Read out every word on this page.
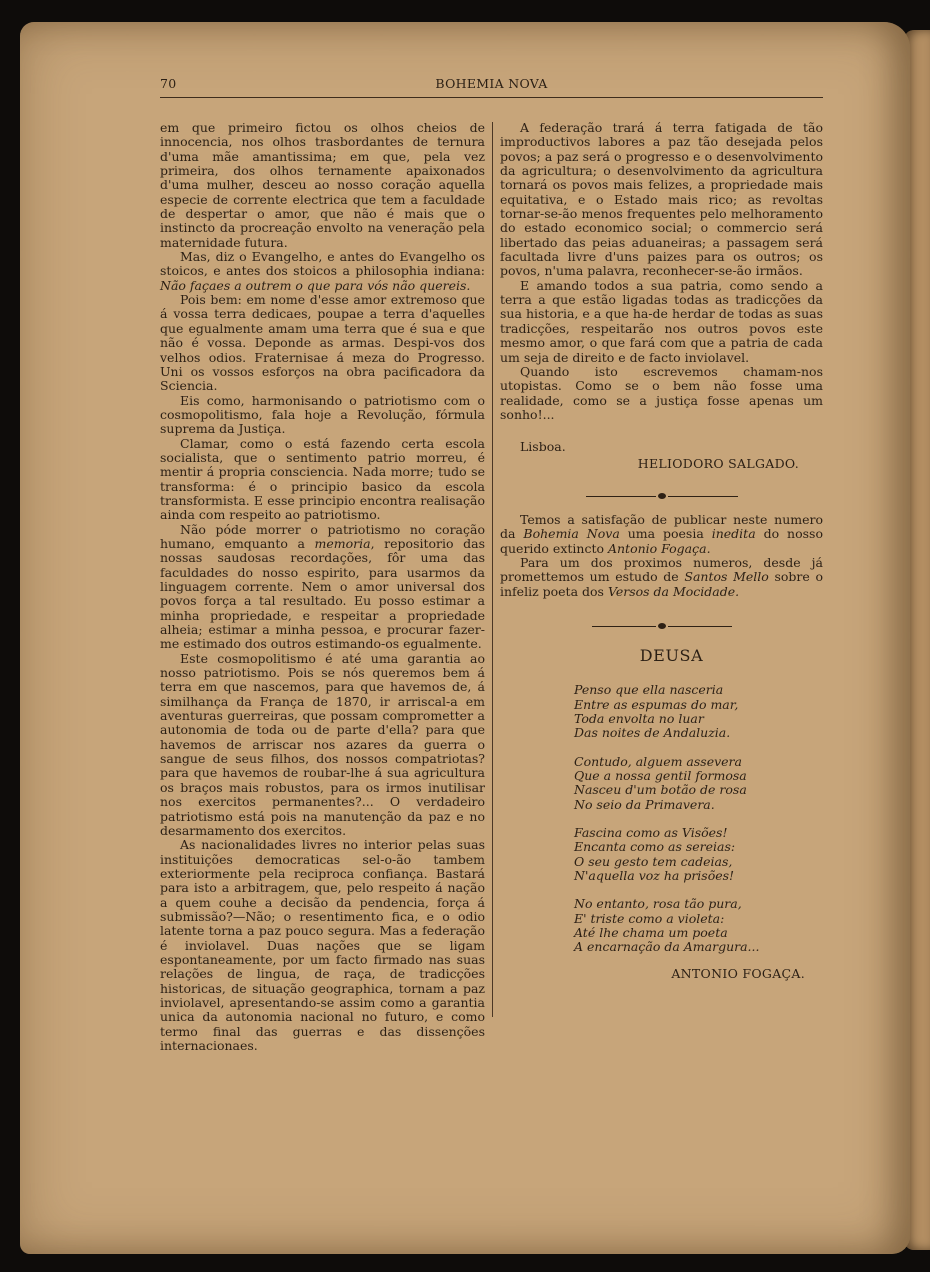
70	BOHEMIA NOVA

em que primeiro fictou os olhos cheios de innocencia, nos olhos trasbordantes de ternura d'uma mãe amantissima; em que, pela vez primeira, dos olhos ternamente apaixonados d'uma mulher, desceu ao nosso coração aquella especie de corrente electrica que tem a faculdade de despertar o amor, que não é mais que o instincto da procreação envolto na veneração pela maternidade futura.

Mas, diz o Evangelho, e antes do Evangelho os stoicos, e antes dos stoicos a philosophia indiana: Não façaes a outrem o que para vós não quereis.

Pois bem: em nome d'esse amor extremoso que á vossa terra dedicaes, poupae a terra d'aquelles que egualmente amam uma terra que é sua e que não é vossa. Deponde as armas. Despi-vos dos velhos odios. Fraternisae á meza do Progresso. Uni os vossos esforços na obra pacificadora da Sciencia.

Eis como, harmonisando o patriotismo com o cosmopolitismo, fala hoje a Revolução, fórmula suprema da Justiça.

Clamar, como o está fazendo certa escola socialista, que o sentimento patrio morreu, é mentir á propria consciencia. Nada morre; tudo se transforma: é o principio basico da escola transformista. E esse principio encontra realisação ainda com respeito ao patriotismo.

Não póde morrer o patriotismo no coração humano, emquanto a memoria, repositorio das nossas saudosas recordações, fôr uma das faculdades do nosso espirito, para usarmos da linguagem corrente. Nem o amor universal dos povos força a tal resultado. Eu posso estimar a minha propriedade, e respeitar a propriedade alheia; estimar a minha pessoa, e procurar fazer-me estimado dos outros estimando-os egualmente.

Este cosmopolitismo é até uma garantia ao nosso patriotismo. Pois se nós queremos bem á terra em que nascemos, para que havemos de, á similhança da França de 1870, ir arriscal-a em aventuras guerreiras, que possam comprometter a autonomia de toda ou de parte d'ella? para que havemos de arriscar nos azares da guerra o sangue de seus filhos, dos nossos compatriotas? para que havemos de roubar-lhe á sua agricultura os braços mais robustos, para os irmos inutilisar nos exercitos permanentes?... O verdadeiro patriotismo está pois na manutenção da paz e no desarmamento dos exercitos.

As nacionalidades livres no interior pelas suas instituições democraticas sel-o-ão tambem exteriormente pela reciproca confiança. Bastará para isto a arbitragem, que, pelo respeito á nação a quem couhe a decisão da pendencia, força á submissão?—Não; o resentimento fica, e o odio latente torna a paz pouco segura. Mas a federação é inviolavel. Duas nações que se ligam espontaneamente, por um facto firmado nas suas relações de lingua, de raça, de tradicções historicas, de situação geographica, tornam a paz inviolavel, apresentando-se assim como a garantia unica da autonomia nacional no futuro, e como termo final das guerras e das dissenções internacionaes.

A federação trará á terra fatigada de tão improductivos labores a paz tão desejada pelos povos; a paz será o progresso e o desenvolvimento da agricultura; o desenvolvimento da agricultura tornará os povos mais felizes, a propriedade mais equitativa, e o Estado mais rico; as revoltas tornar-se-ão menos frequentes pelo melhoramento do estado economico social; o commercio será libertado das peias aduaneiras; a passagem será facultada livre d'uns paizes para os outros; os povos, n'uma palavra, reconhecer-se-ão irmãos.

E amando todos a sua patria, como sendo a terra a que estão ligadas todas as tradicções da sua historia, e a que ha-de herdar de todas as suas tradicções, respeitarão nos outros povos este mesmo amor, o que fará com que a patria de cada um seja de direito e de facto inviolavel.

Quando isto escrevemos chamam-nos utopistas. Como se o bem não fosse uma realidade, como se a justiça fosse apenas um sonho!...

Lisboa.

HELIODORO SALGADO.

Temos a satisfação de publicar neste numero da Bohemia Nova uma poesia inedita do nosso querido extincto Antonio Fogaça.

Para um dos proximos numeros, desde já promettemos um estudo de Santos Mello sobre o infeliz poeta dos Versos da Mocidade.

DEUSA

Penso que ella nasceria
Entre as espumas do mar,
Toda envolta no luar
Das noites de Andaluzia.
Contudo, alguem assevera
Que a nossa gentil formosa
Nasceu d'um botão de rosa
No seio da Primavera.
Fascina como as Visões!
Encanta como as sereias:
O seu gesto tem cadeias,
N'aquella voz ha prisões!
No entanto, rosa tão pura,
E' triste como a violeta:
Até lhe chama um poeta
A encarnação da Amargura...
ANTONIO FOGAÇA.
